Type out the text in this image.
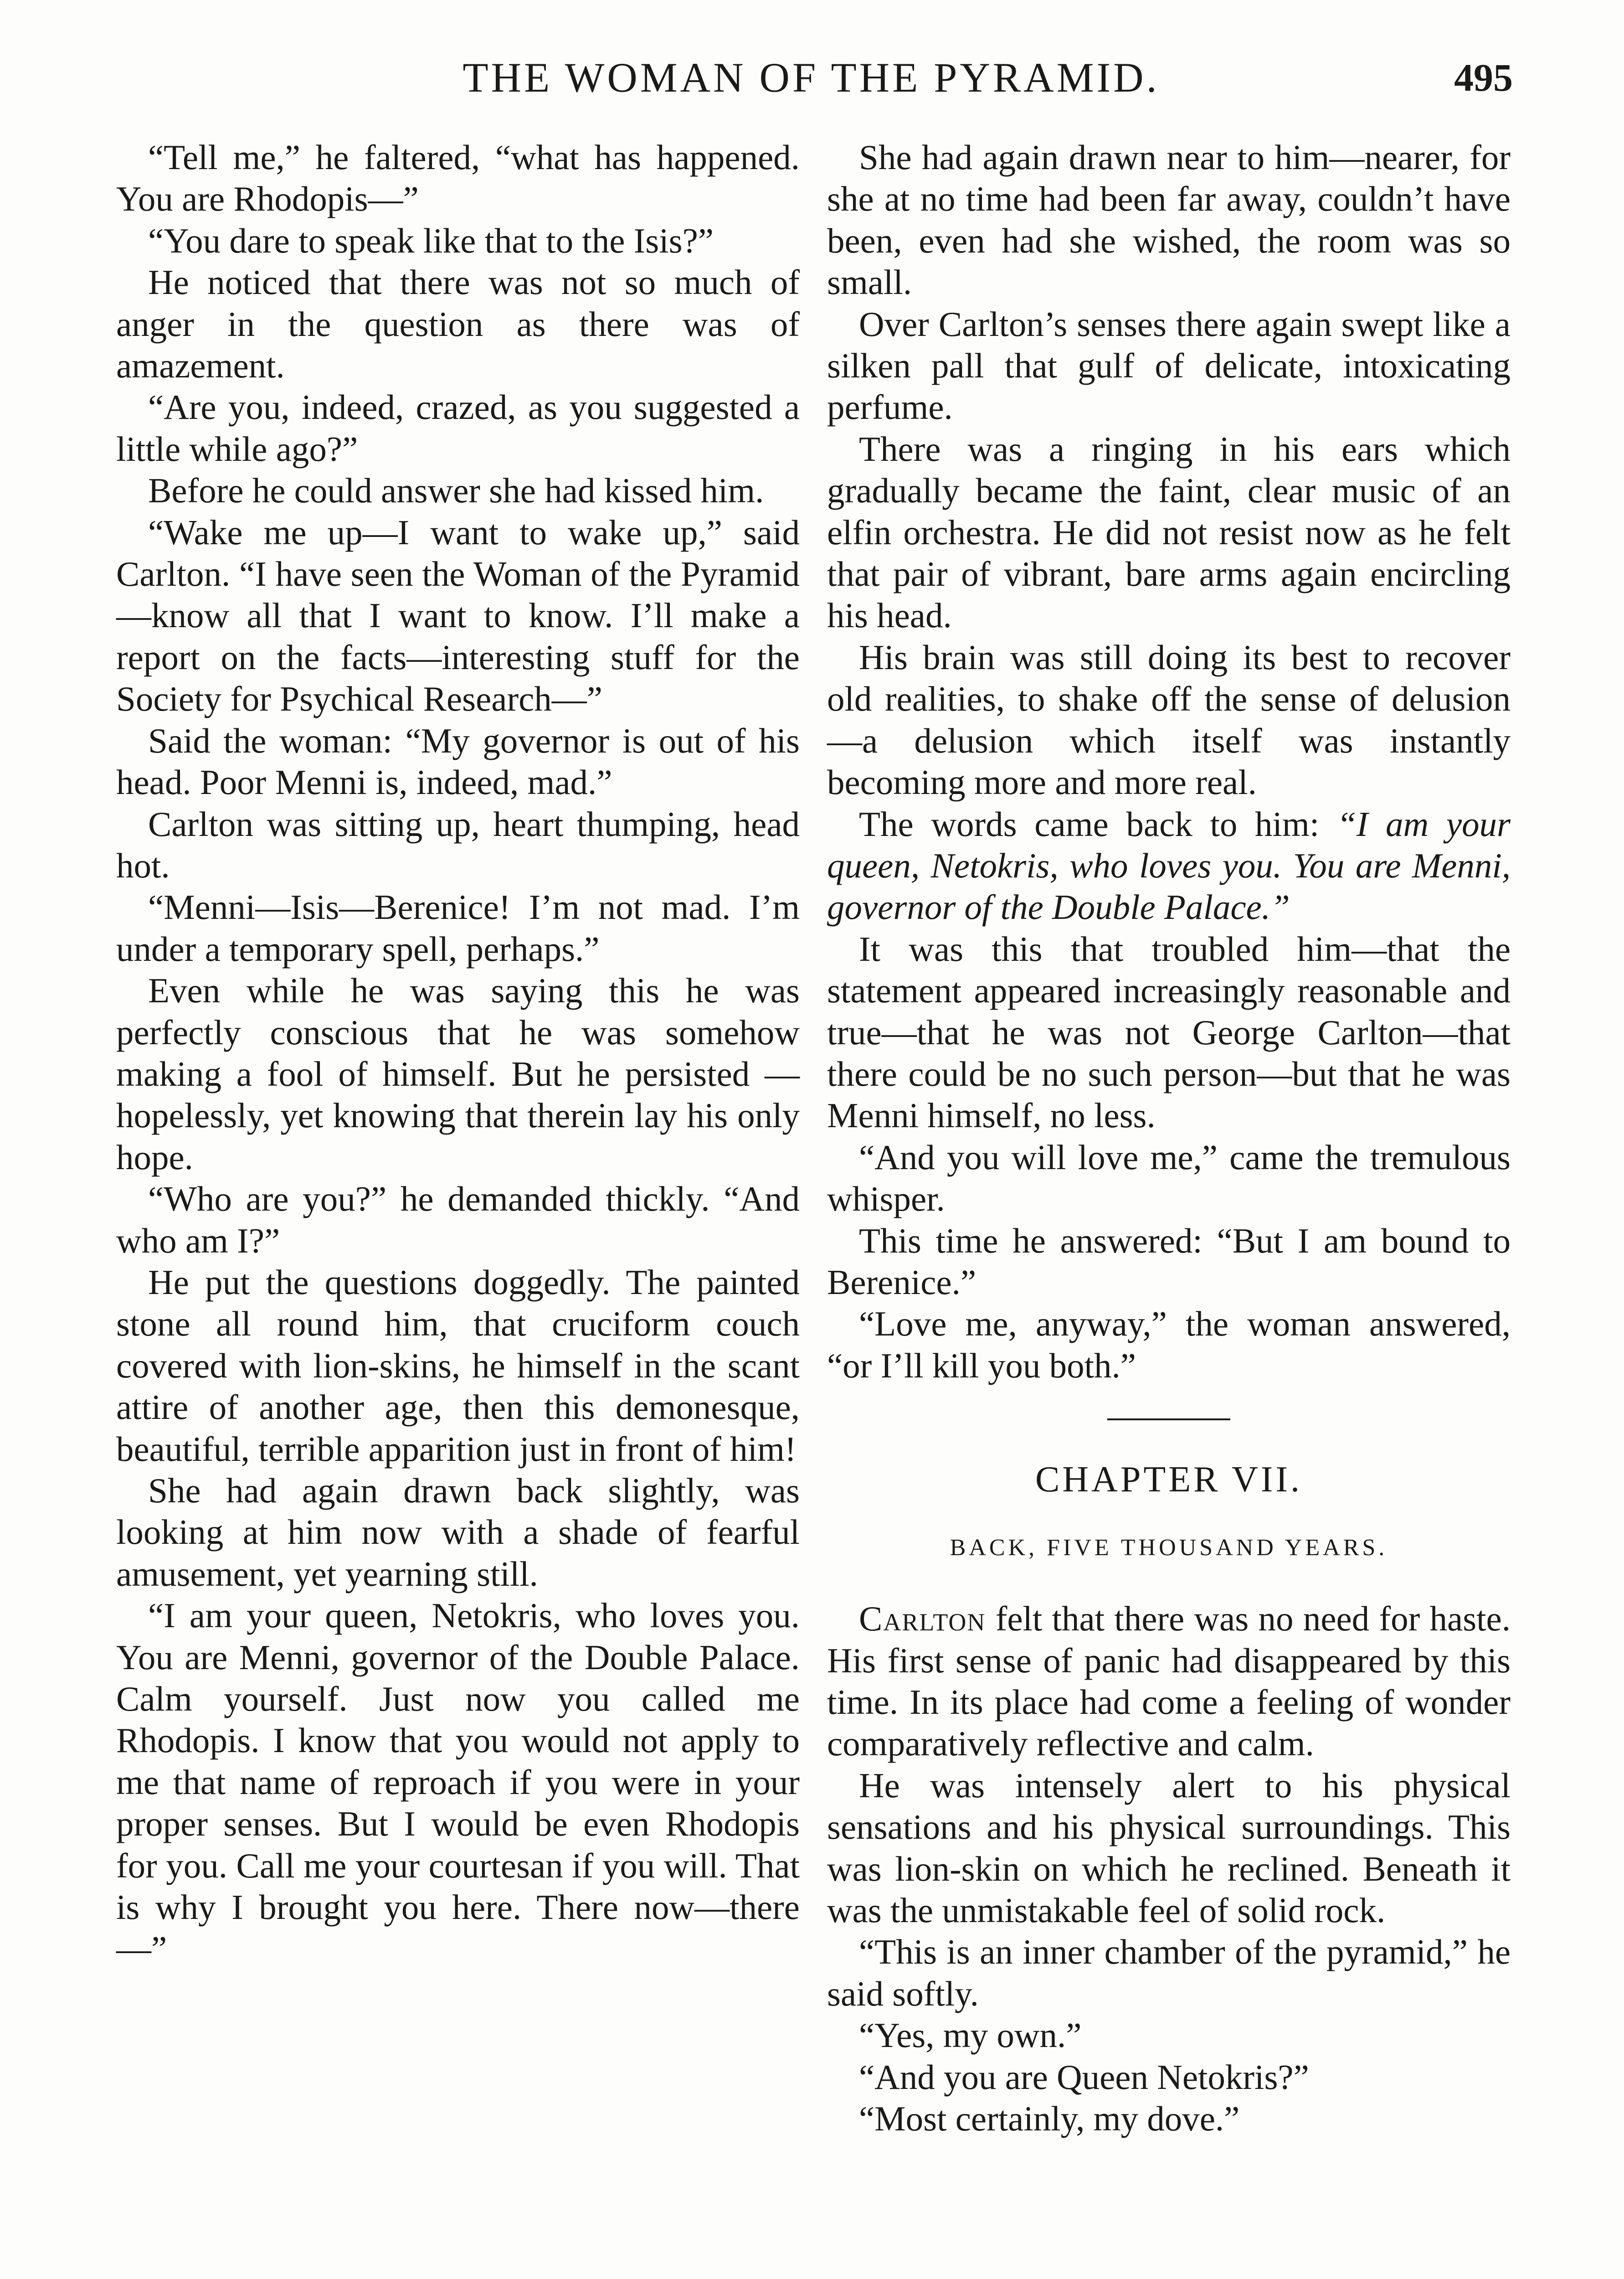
THE WOMAN OF THE PYRAMID.	495

“Tell me,” he faltered, “what has happened. You are Rhodopis—”

“You dare to speak like that to the Isis?”

He noticed that there was not so much of anger in the question as there was of amazement.

“Are you, indeed, crazed, as you suggested a little while ago?”

Before he could answer she had kissed him.

“Wake me up—I want to wake up,” said Carlton. “I have seen the Woman of the Pyramid—know all that I want to know. I’ll make a report on the facts—interesting stuff for the Society for Psychical Research—”

Said the woman: “My governor is out of his head. Poor Menni is, indeed, mad.”

Carlton was sitting up, heart thumping, head hot.

“Menni—Isis—Berenice! I’m not mad. I’m under a temporary spell, perhaps.”

Even while he was saying this he was perfectly conscious that he was somehow making a fool of himself. But he persisted — hopelessly, yet knowing that therein lay his only hope.

“Who are you?” he demanded thickly. “And who am I?”

He put the questions doggedly. The painted stone all round him, that cruciform couch covered with lion-skins, he himself in the scant attire of another age, then this demonesque, beautiful, terrible apparition just in front of him!

She had again drawn back slightly, was looking at him now with a shade of fearful amusement, yet yearning still.

“I am your queen, Netokris, who loves you. You are Menni, governor of the Double Palace. Calm yourself. Just now you called me Rhodopis. I know that you would not apply to me that name of reproach if you were in your proper senses. But I would be even Rhodopis for you. Call me your courtesan if you will. That is why I brought you here. There now—there—”

She had again drawn near to him—nearer, for she at no time had been far away, couldn’t have been, even had she wished, the room was so small.

Over Carlton’s senses there again swept like a silken pall that gulf of delicate, intoxicating perfume.

There was a ringing in his ears which gradually became the faint, clear music of an elfin orchestra. He did not resist now as he felt that pair of vibrant, bare arms again encircling his head.

His brain was still doing its best to recover old realities, to shake off the sense of delusion—a delusion which itself was instantly becoming more and more real.

The words came back to him: “I am your queen, Netokris, who loves you. You are Menni, governor of the Double Palace.”

It was this that troubled him—that the statement appeared increasingly reasonable and true—that he was not George Carlton—that there could be no such person—but that he was Menni himself, no less.

“And you will love me,” came the tremulous whisper.

This time he answered: “But I am bound to Berenice.”

“Love me, anyway,” the woman answered, “or I’ll kill you both.”

CHAPTER VII.
BACK, FIVE THOUSAND YEARS.

Carlton felt that there was no need for haste. His first sense of panic had disappeared by this time. In its place had come a feeling of wonder comparatively reflective and calm.

He was intensely alert to his physical sensations and his physical surroundings. This was lion-skin on which he reclined. Beneath it was the unmistakable feel of solid rock.

“This is an inner chamber of the pyramid,” he said softly.

“Yes, my own.”

“And you are Queen Netokris?”

“Most certainly, my dove.”
